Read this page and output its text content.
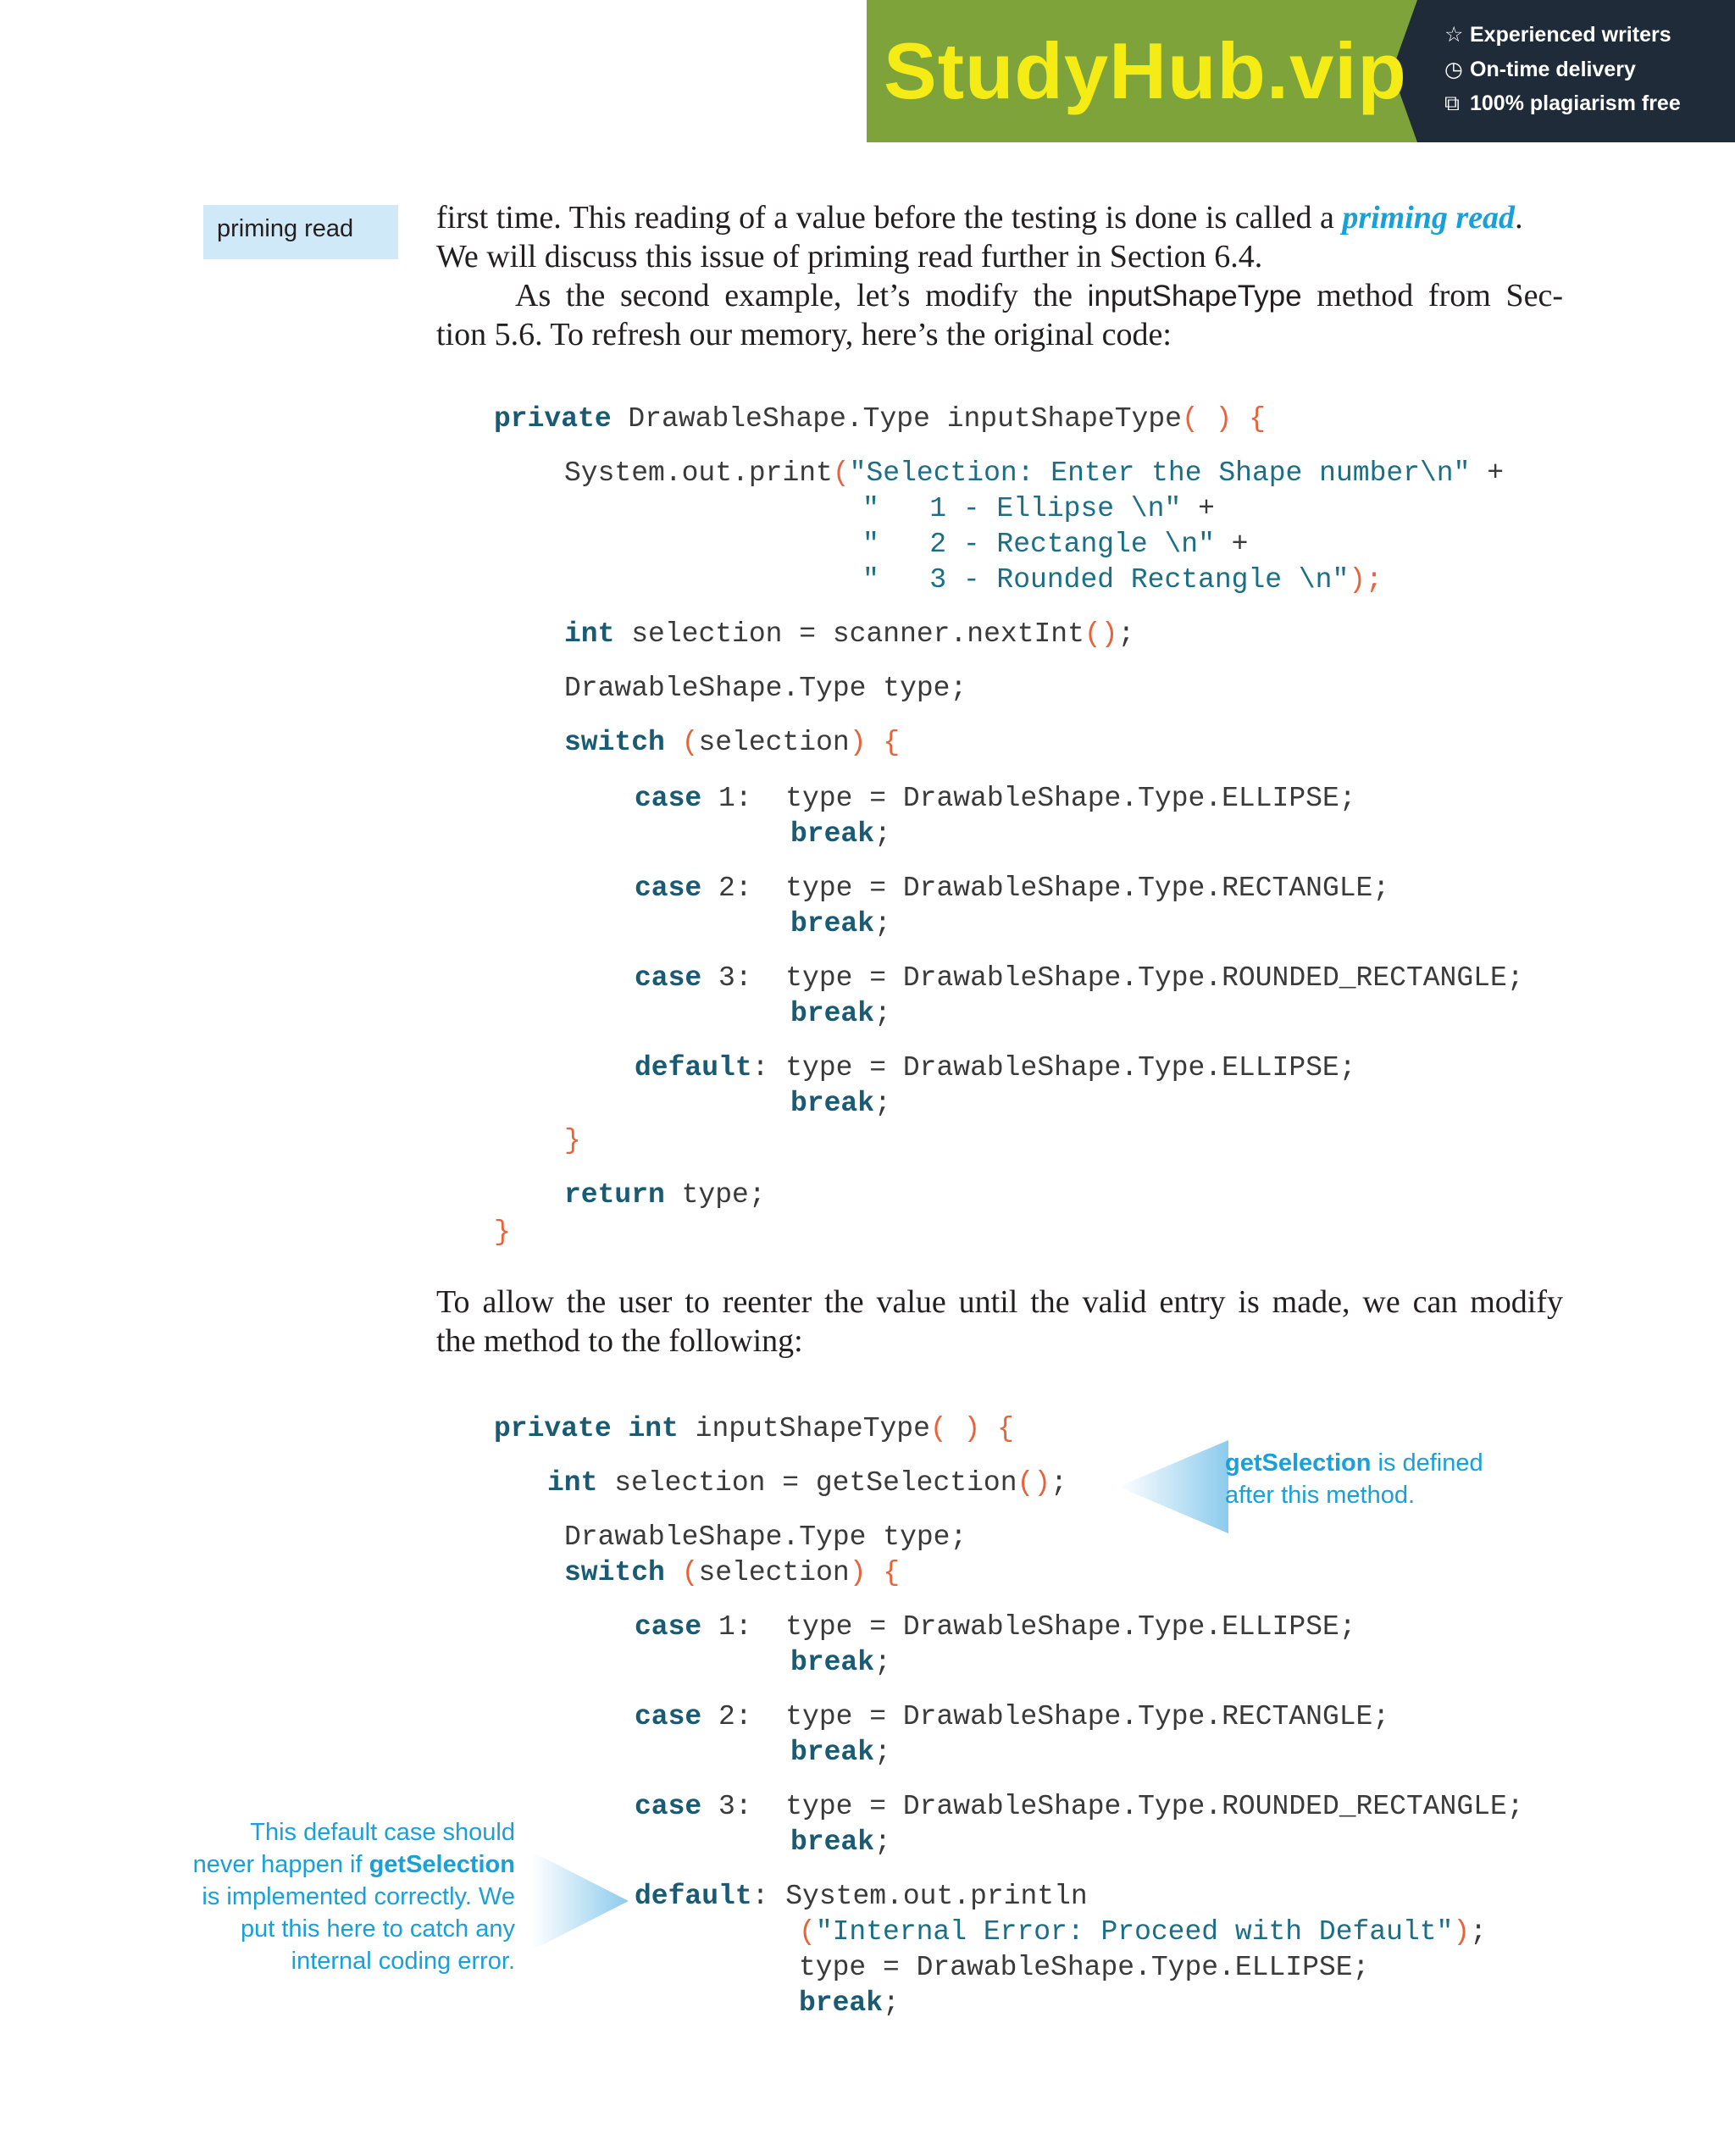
StudyHub.vip ☆ Experienced writers
◷ On-time delivery
⧉ 100% plagiarism free
priming read	first time. This reading of a value before the testing is done is called a priming read.
We will discuss this issue of priming read further in Section 6.4.
As the second example, let’s modify the inputShapeType method from Sec-
tion 5.6. To refresh our memory, here’s the original code:
private DrawableShape.Type inputShapeType( ) {
System.out.print("Selection: Enter the Shape number\n" +
"   1 - Ellipse \n" +
"   2 - Rectangle \n" +
"   3 - Rounded Rectangle \n");
int selection = scanner.nextInt();
DrawableShape.Type type;
switch (selection) {
case 1:  type = DrawableShape.Type.ELLIPSE;
break;
case 2:  type = DrawableShape.Type.RECTANGLE;
break;
case 3:  type = DrawableShape.Type.ROUNDED_RECTANGLE;
break;
default: type = DrawableShape.Type.ELLIPSE;
break;
}
return type;
}
To allow the user to reenter the value until the valid entry is made, we can modify
the method to the following:
private int inputShapeType( ) {
int selection = getSelection();
DrawableShape.Type type;
switch (selection) {
case 1:  type = DrawableShape.Type.ELLIPSE;
break;
case 2:  type = DrawableShape.Type.RECTANGLE;
break;
case 3:  type = DrawableShape.Type.ROUNDED_RECTANGLE;
break;
default: System.out.println
("Internal Error: Proceed with Default");
type = DrawableShape.Type.ELLIPSE;
break;
getSelection is defined
after this method.
This default case should
never happen if getSelection
is implemented correctly. We
put this here to catch any
internal coding error.
